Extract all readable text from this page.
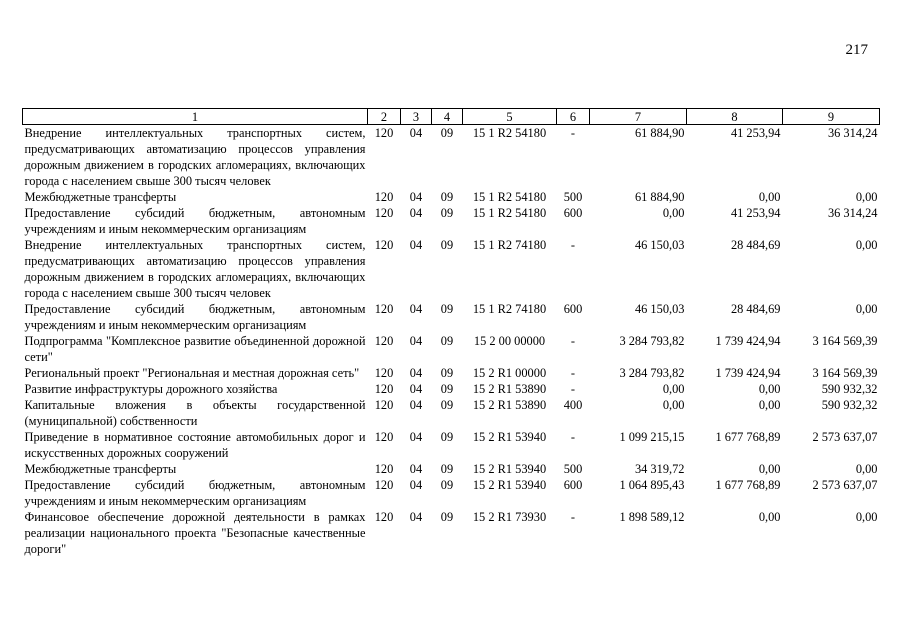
217
1	2	3	4	5	6	7	8	9
Внедрение интеллектуальных транспортных систем, предусматривающих автоматизацию процессов управления дорожным движением в городских агломерациях, включающих города с населением свыше 300 тысяч человек	120	04	09	15 1 R2 54180	-	61 884,90	41 253,94	36 314,24
Межбюджетные трансферты	120	04	09	15 1 R2 54180	500	61 884,90	0,00	0,00
Предоставление субсидий бюджетным, автономным учреждениям и иным некоммерческим организациям	120	04	09	15 1 R2 54180	600	0,00	41 253,94	36 314,24
Внедрение интеллектуальных транспортных систем, предусматривающих автоматизацию процессов управления дорожным движением в городских агломерациях, включающих города с населением свыше 300 тысяч человек	120	04	09	15 1 R2 74180	-	46 150,03	28 484,69	0,00
Предоставление субсидий бюджетным, автономным учреждениям и иным некоммерческим организациям	120	04	09	15 1 R2 74180	600	46 150,03	28 484,69	0,00
Подпрограмма "Комплексное развитие объединенной дорожной сети"	120	04	09	15 2 00 00000	-	3 284 793,82	1 739 424,94	3 164 569,39
Региональный проект "Региональная и местная дорожная сеть"	120	04	09	15 2 R1 00000	-	3 284 793,82	1 739 424,94	3 164 569,39
Развитие инфраструктуры дорожного хозяйства	120	04	09	15 2 R1 53890	-	0,00	0,00	590 932,32
Капитальные вложения в объекты государственной (муниципальной) собственности	120	04	09	15 2 R1 53890	400	0,00	0,00	590 932,32
Приведение в нормативное состояние автомобильных дорог и искусственных дорожных сооружений	120	04	09	15 2 R1 53940	-	1 099 215,15	1 677 768,89	2 573 637,07
Межбюджетные трансферты	120	04	09	15 2 R1 53940	500	34 319,72	0,00	0,00
Предоставление субсидий бюджетным, автономным учреждениям и иным некоммерческим организациям	120	04	09	15 2 R1 53940	600	1 064 895,43	1 677 768,89	2 573 637,07
Финансовое обеспечение дорожной деятельности в рамках реализации национального проекта "Безопасные качественные дороги"	120	04	09	15 2 R1 73930	-	1 898 589,12	0,00	0,00
